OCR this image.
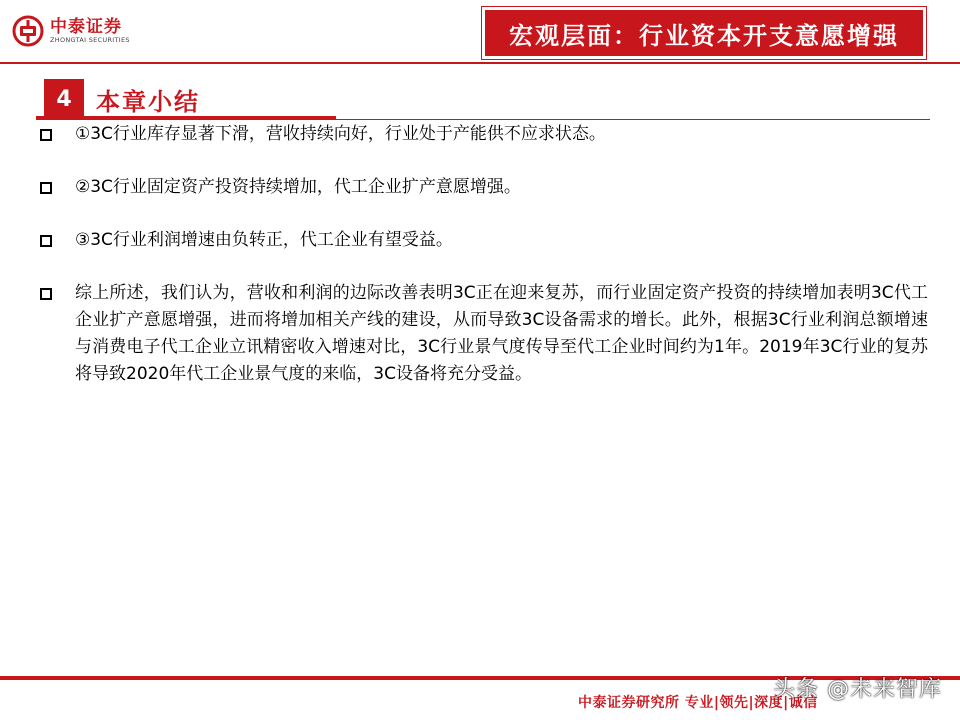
中泰证券
ZHONGTAI SECURITIES	宏观层面：行业资本开支意愿增强
4	本章小结
①3C行业库存显著下滑，营收持续向好，行业处于产能供不应求状态。
②3C行业固定资产投资持续增加，代工企业扩产意愿增强。
③3C行业利润增速由负转正，代工企业有望受益。
综上所述，我们认为，营收和利润的边际改善表明3C正在迎来复苏，而行业固定资产投资的持续增加表明3C代工企业扩产意愿增强，进而将增加相关产线的建设，从而导致3C设备需求的增长。此外，根据3C行业利润总额增速与消费电子代工企业立讯精密收入增速对比，3C行业景气度传导至代工企业时间约为1年。2019年3C行业的复苏将导致2020年代工企业景气度的来临，3C设备将充分受益。
中泰证券研究所 专业|领先|深度|诚信
头条 @未来智库
